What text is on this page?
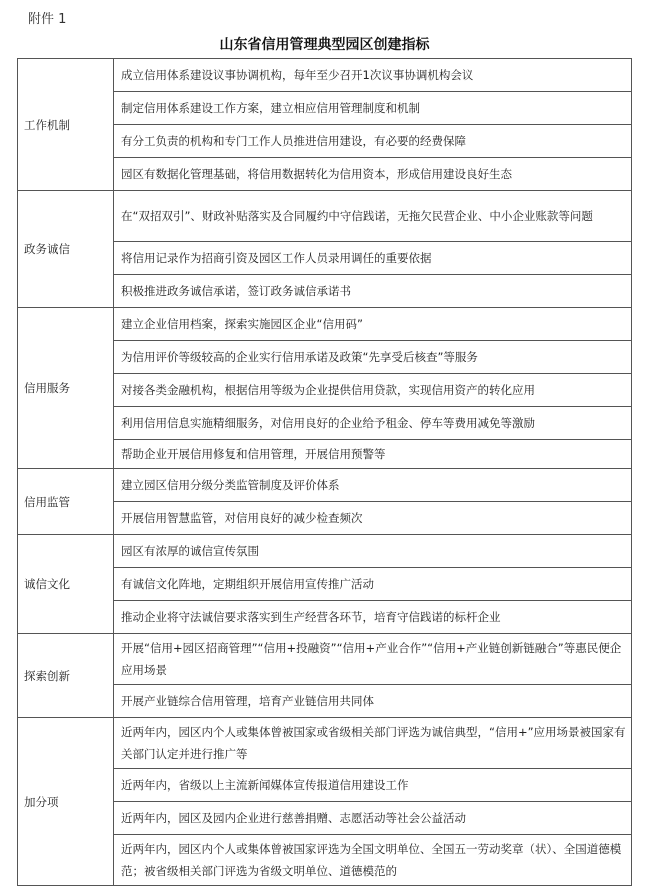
附件 1
山东省信用管理典型园区创建指标
工作机制	成立信用体系建设议事协调机构，每年至少召开1次议事协调机构会议

	制定信用体系建设工作方案，建立相应信用管理制度和机制

	有分工负责的机构和专门工作人员推进信用建设，有必要的经费保障

	园区有数据化管理基础，将信用数据转化为信用资本，形成信用建设良好生态

政务诚信	在“双招双引”、财政补贴落实及合同履约中守信践诺，无拖欠民营企业、中小企业账款等问题

	将信用记录作为招商引资及园区工作人员录用调任的重要依据

	积极推进政务诚信承诺，签订政务诚信承诺书

信用服务	建立企业信用档案，探索实施园区企业“信用码”

	为信用评价等级较高的企业实行信用承诺及政策“先享受后核查”等服务

	对接各类金融机构，根据信用等级为企业提供信用贷款，实现信用资产的转化应用

	利用信用信息实施精细服务，对信用良好的企业给予租金、停车等费用减免等激励

	帮助企业开展信用修复和信用管理，开展信用预警等

信用监管	建立园区信用分级分类监管制度及评价体系

	开展信用智慧监管，对信用良好的减少检查频次

诚信文化	园区有浓厚的诚信宣传氛围

	有诚信文化阵地，定期组织开展信用宣传推广活动

	推动企业将守法诚信要求落实到生产经营各环节，培育守信践诺的标杆企业

探索创新	开展“信用+园区招商管理”“信用+投融资”“信用+产业合作”“信用+产业链创新链融合”等惠民便企应用场景

	开展产业链综合信用管理，培育产业链信用共同体

加分项	近两年内，园区内个人或集体曾被国家或省级相关部门评选为诚信典型，“信用+”应用场景被国家有关部门认定并进行推广等

	近两年内，省级以上主流新闻媒体宣传报道信用建设工作

	近两年内，园区及园内企业进行慈善捐赠、志愿活动等社会公益活动

	近两年内，园区内个人或集体曾被国家评选为全国文明单位、全国五一劳动奖章（状）、全国道德模范；被省级相关部门评选为省级文明单位、道德模范的
